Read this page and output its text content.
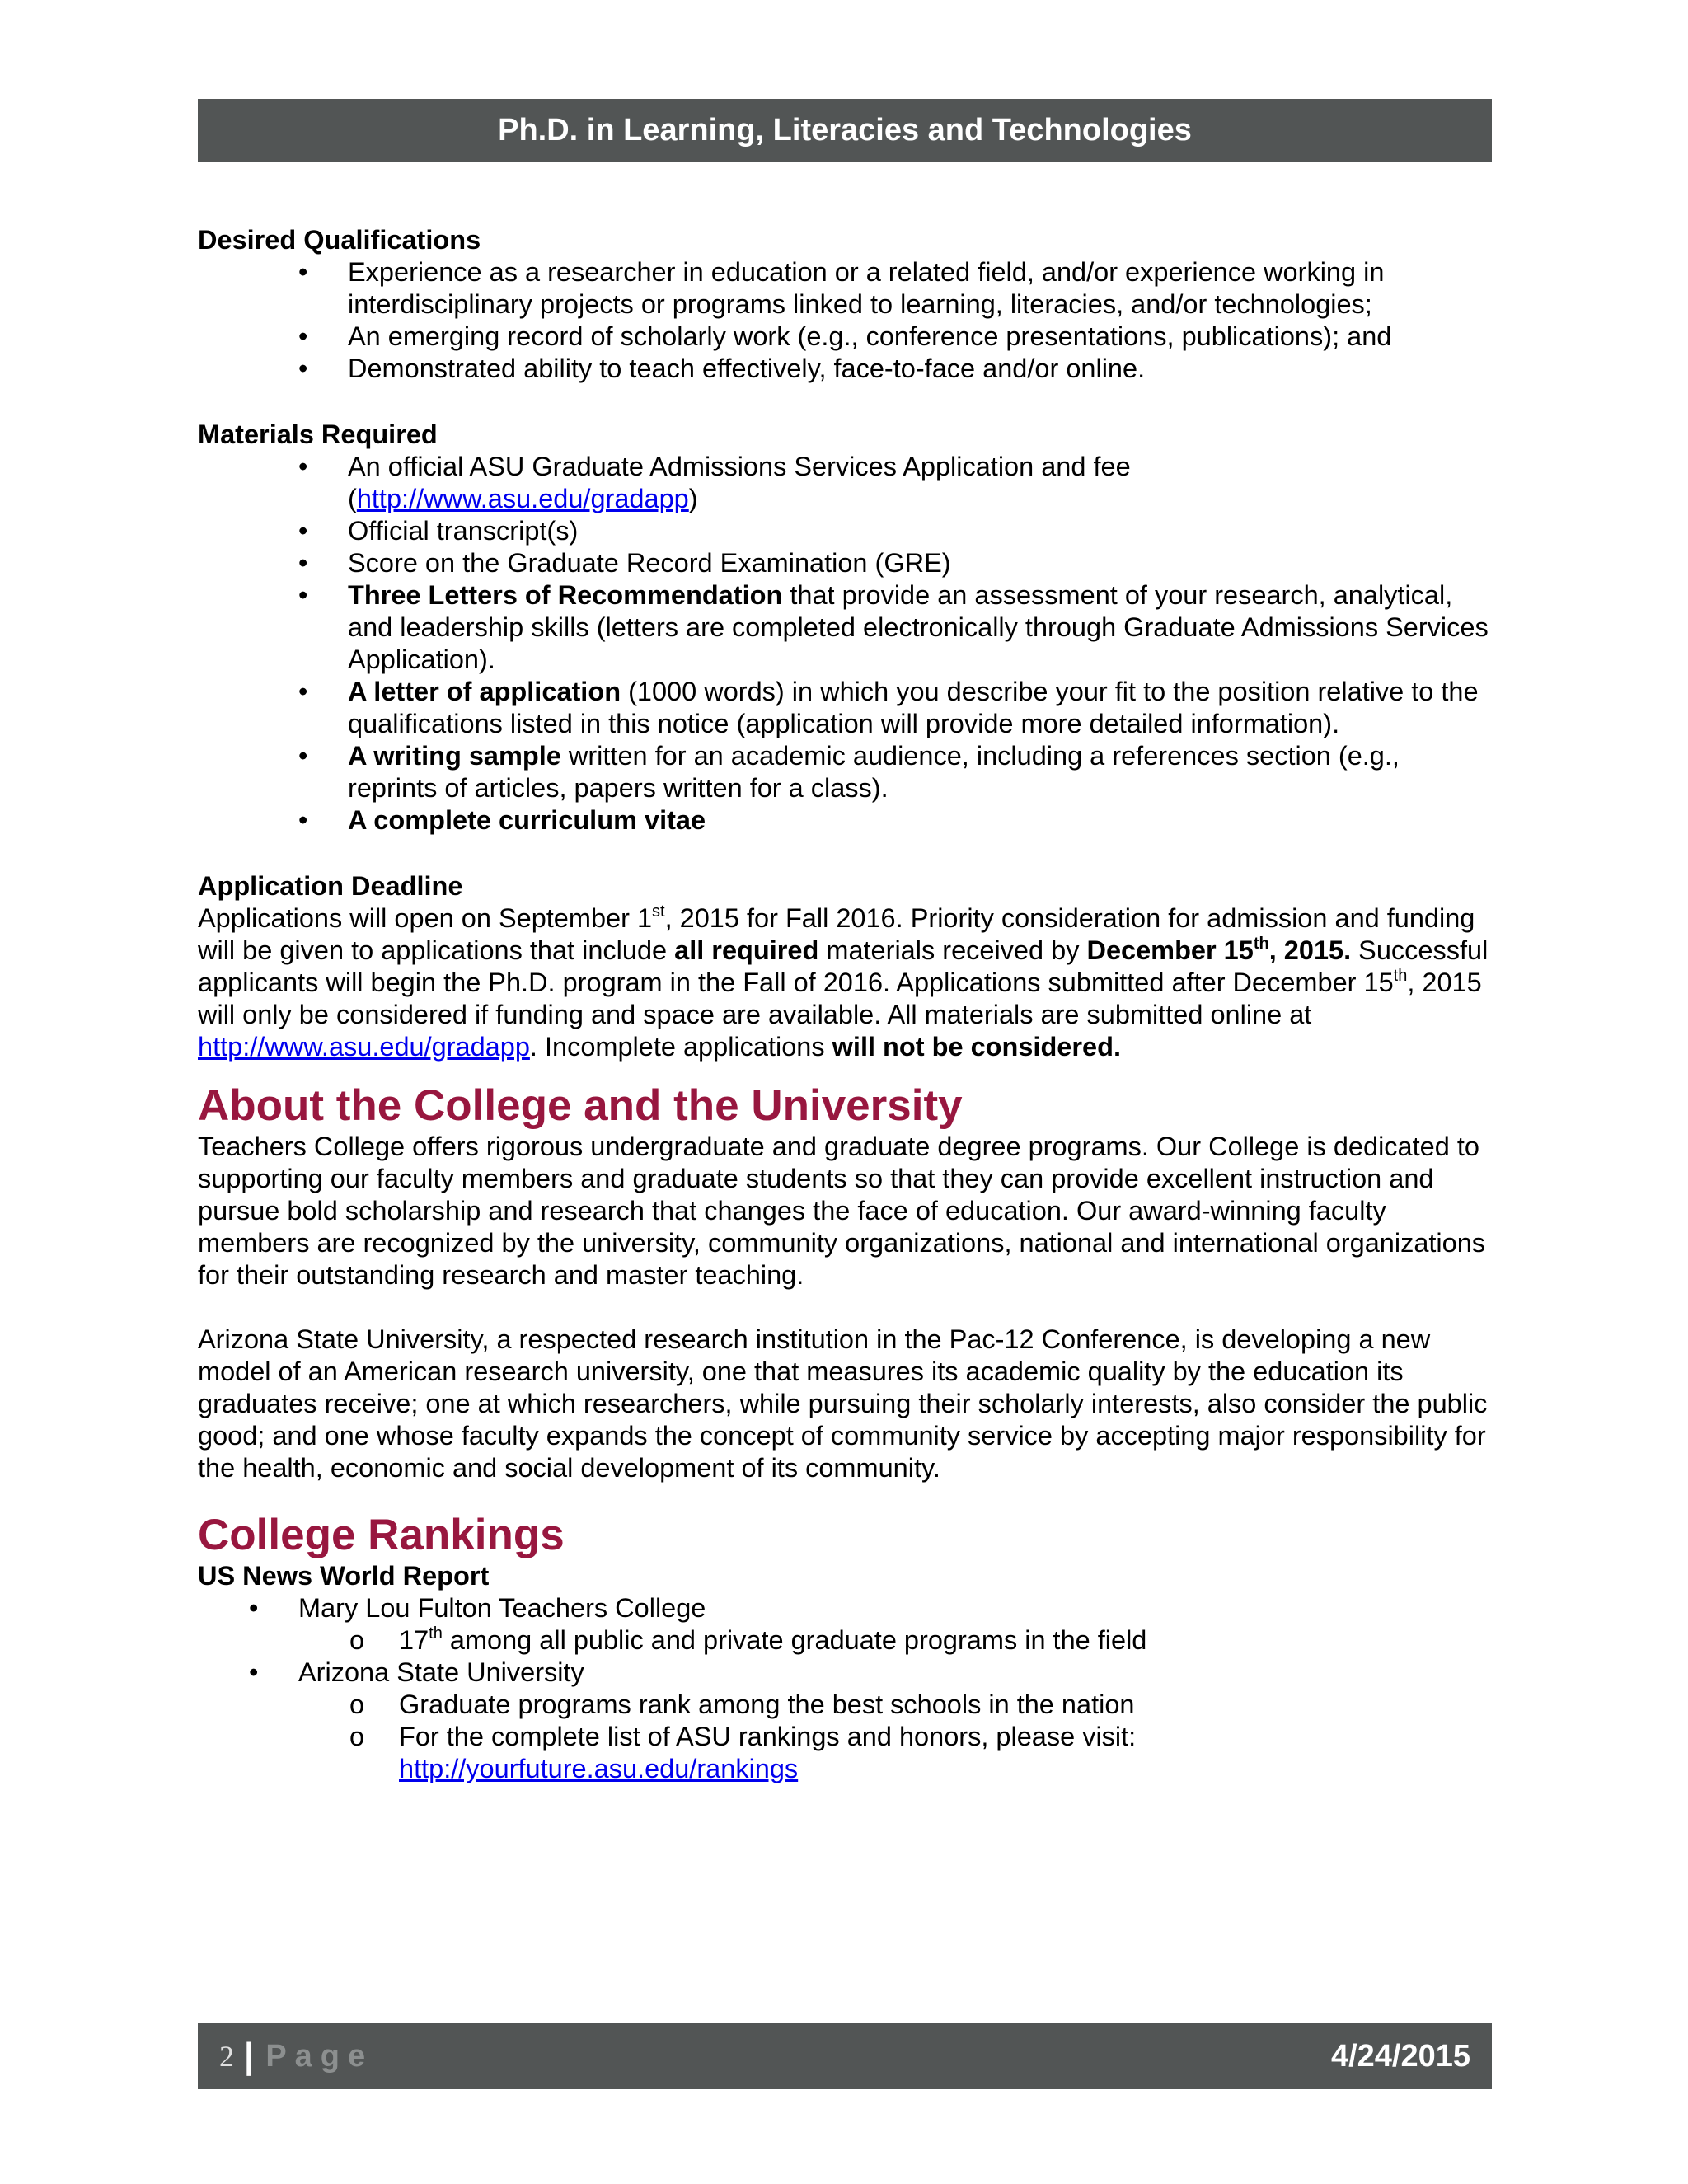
Ph.D. in Learning, Literacies and Technologies

Desired Qualifications

• Experience as a researcher in education or a related field, and/or experience working in interdisciplinary projects or programs linked to learning, literacies, and/or technologies;
• An emerging record of scholarly work (e.g., conference presentations, publications); and
• Demonstrated ability to teach effectively, face-to-face and/or online.

Materials Required

• An official ASU Graduate Admissions Services Application and fee
(http://www.asu.edu/gradapp)
• Official transcript(s)
• Score on the Graduate Record Examination (GRE)
• Three Letters of Recommendation that provide an assessment of your research, analytical, and leadership skills (letters are completed electronically through Graduate Admissions Services Application).
• A letter of application (1000 words) in which you describe your fit to the position relative to the qualifications listed in this notice (application will provide more detailed information).
• A writing sample written for an academic audience, including a references section (e.g., reprints of articles, papers written for a class).
• A complete curriculum vitae

Application Deadline

Applications will open on September 1st, 2015 for Fall 2016. Priority consideration for admission and funding will be given to applications that include all required materials received by December 15th, 2015. Successful applicants will begin the Ph.D. program in the Fall of 2016. Applications submitted after December 15th, 2015 will only be considered if funding and space are available. All materials are submitted online at http://www.asu.edu/gradapp. Incomplete applications will not be considered.

About the College and the University

Teachers College offers rigorous undergraduate and graduate degree programs. Our College is dedicated to supporting our faculty members and graduate students so that they can provide excellent instruction and pursue bold scholarship and research that changes the face of education. Our award-winning faculty members are recognized by the university, community organizations, national and international organizations for their outstanding research and master teaching.

Arizona State University, a respected research institution in the Pac-12 Conference, is developing a new model of an American research university, one that measures its academic quality by the education its graduates receive; one at which researchers, while pursuing their scholarly interests, also consider the public good; and one whose faculty expands the concept of community service by accepting major responsibility for the health, economic and social development of its community.

College Rankings

US News World Report

• Mary Lou Fulton Teachers College
o 17th among all public and private graduate programs in the field
• Arizona State University
o Graduate programs rank among the best schools in the nation
o For the complete list of ASU rankings and honors, please visit:
http://yourfuture.asu.edu/rankings
2 | Page	4/24/2015
